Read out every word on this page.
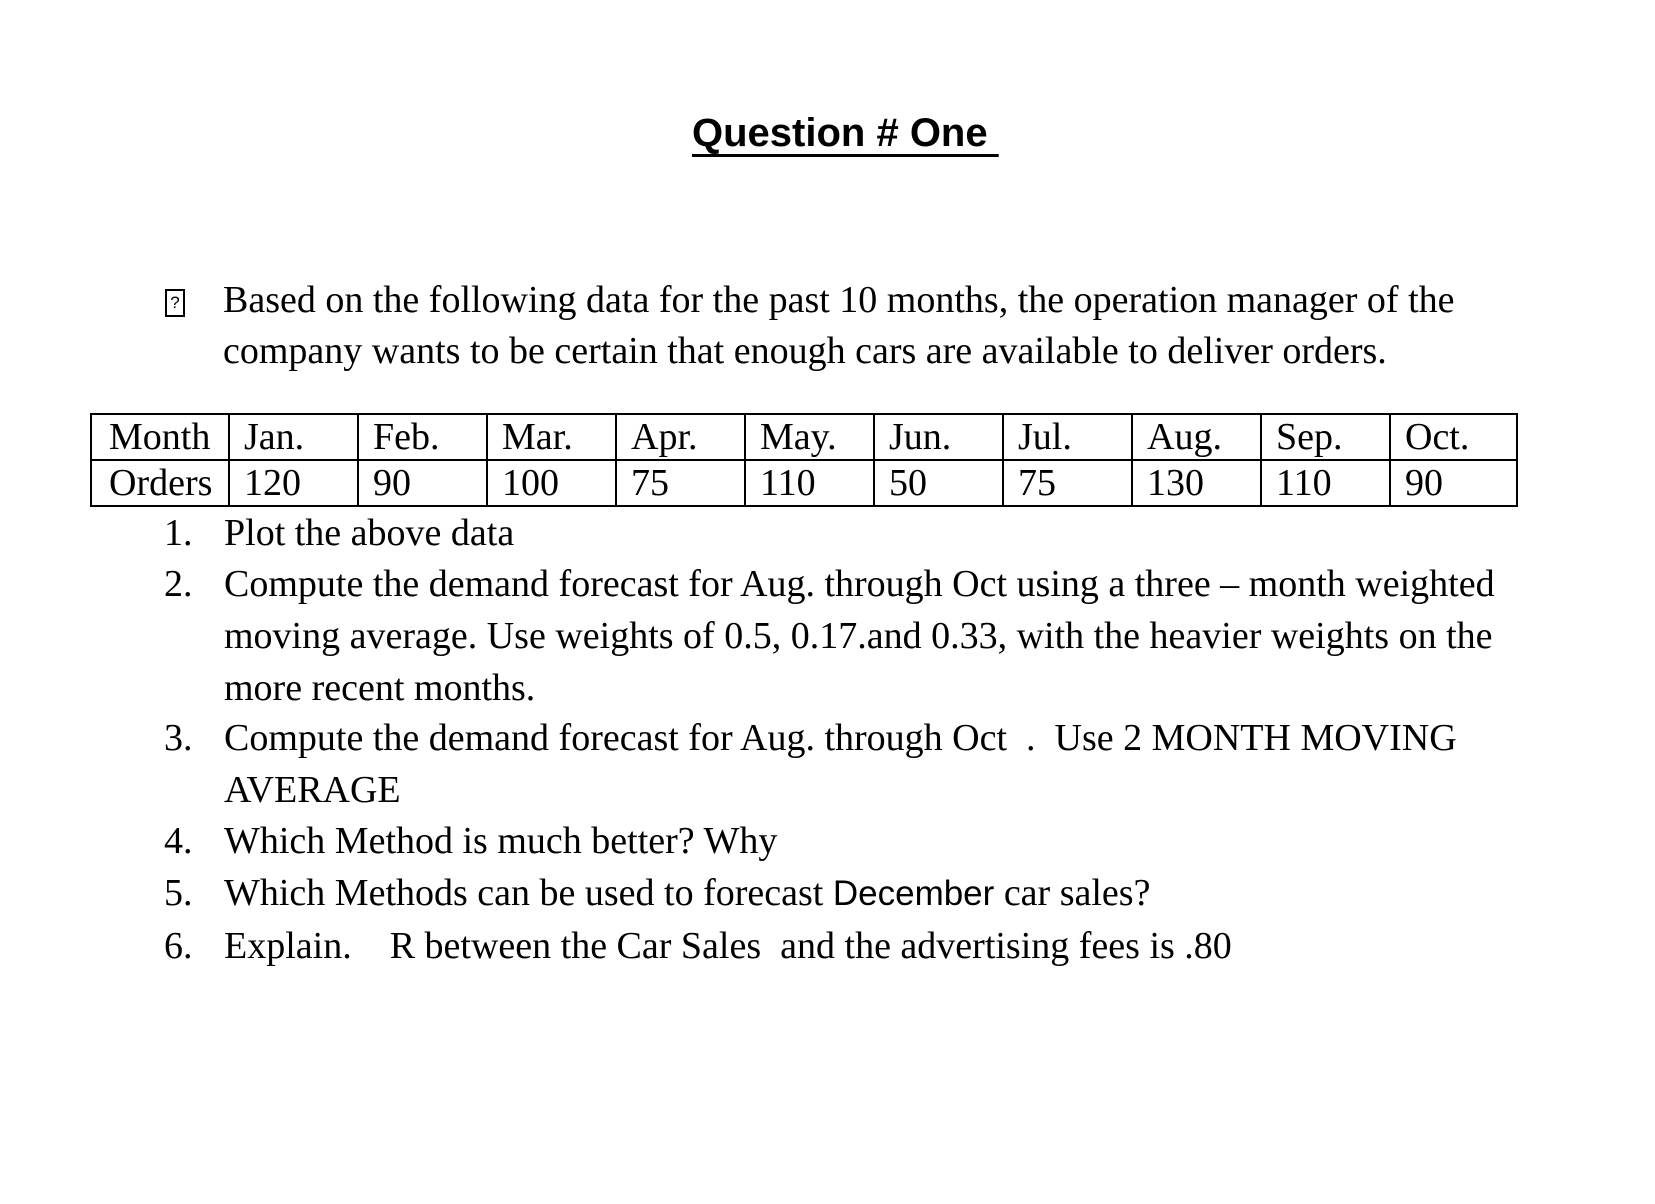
Question # One
? Based on the following data for the past 10 months, the operation manager of the company wants to be certain that enough cars are available to deliver orders.
Month	Jan.	Feb.	Mar.	Apr.	May.	Jun.	Jul.	Aug.	Sep.	Oct.
Orders	120	90	100	75	110	50	75	130	110	90
1. Plot the above data
2. Compute the demand forecast for Aug. through Oct using a three – month weighted moving average. Use weights of 0.5, 0.17.and 0.33, with the heavier weights on the more recent months.
3. Compute the demand forecast for Aug. through Oct  .  Use 2 MONTH MOVING AVERAGE
4. Which Method is much better? Why
5. Which Methods can be used to forecast December car sales?
6. Explain.    R between the Car Sales  and the advertising fees is .80
